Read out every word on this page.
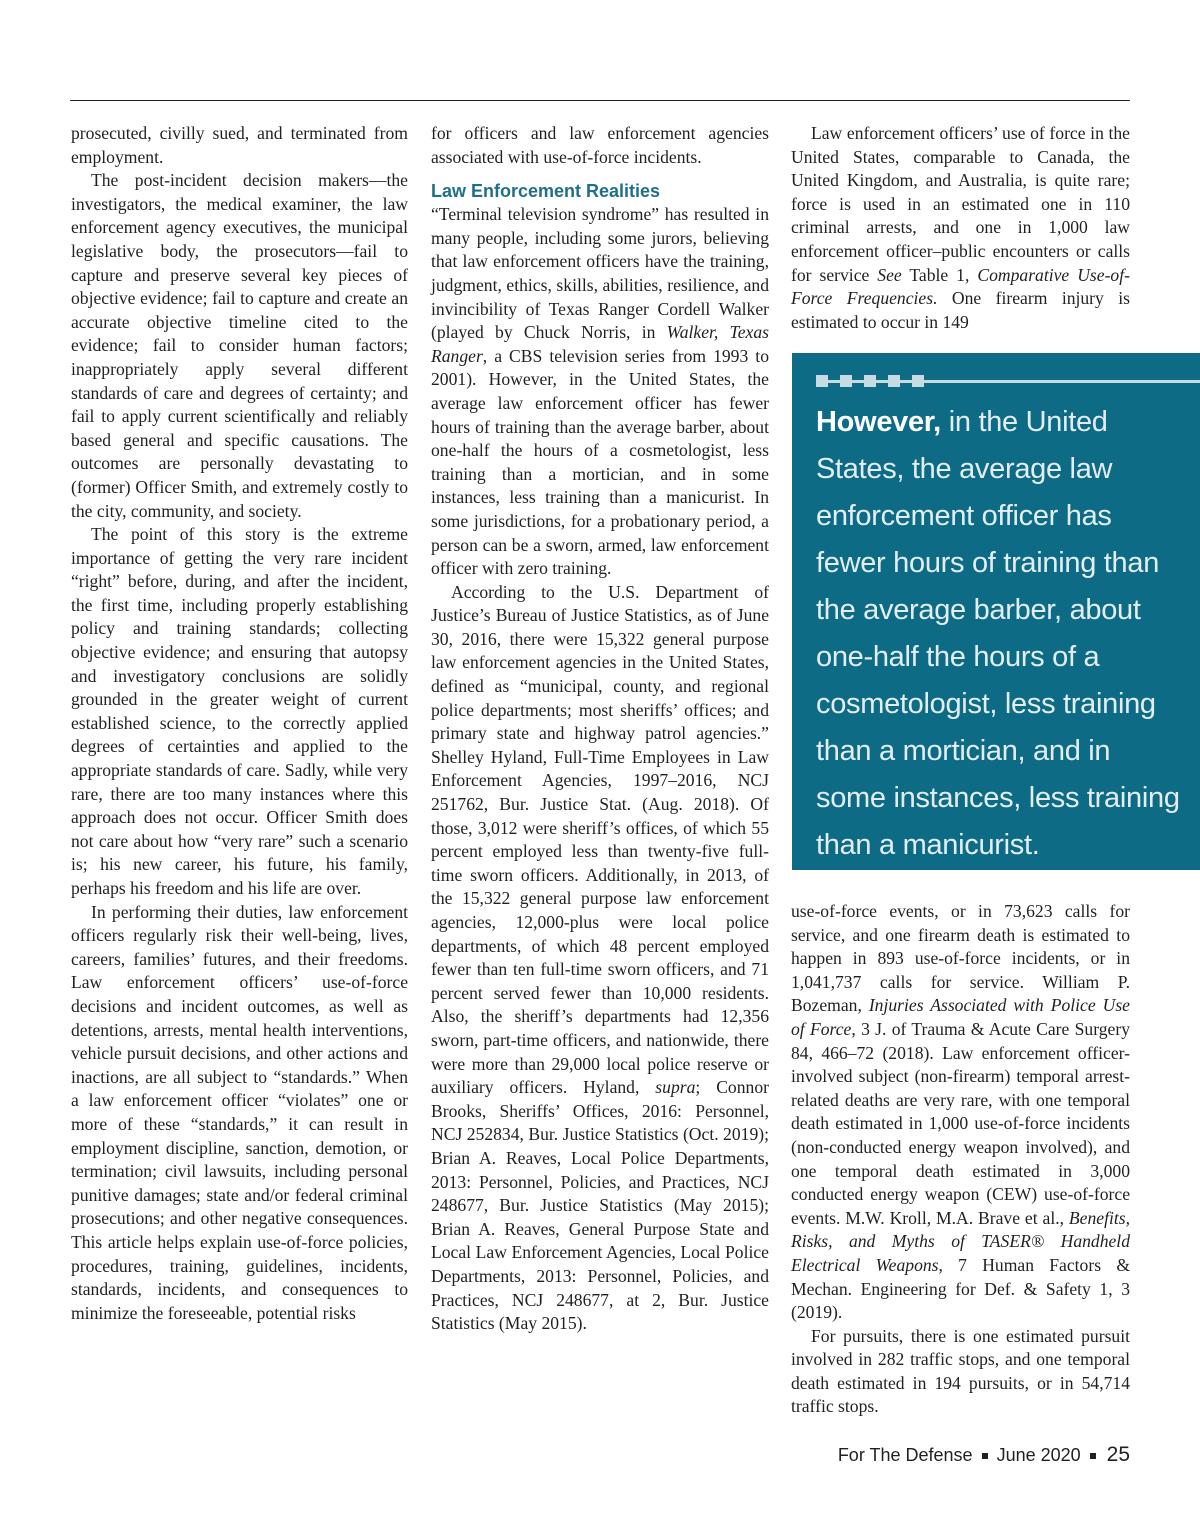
prosecuted, civilly sued, and terminated from employment.

The post-incident decision makers—the investigators, the medical examiner, the law enforcement agency executives, the municipal legislative body, the prosecutors—fail to capture and preserve several key pieces of objective evidence; fail to capture and create an accurate objective timeline cited to the evidence; fail to consider human factors; inappropriately apply several different standards of care and degrees of certainty; and fail to apply current scientifically and reliably based general and specific causations. The outcomes are personally devastating to (former) Officer Smith, and extremely costly to the city, community, and society.

The point of this story is the extreme importance of getting the very rare incident “right” before, during, and after the incident, the first time, including properly establishing policy and training standards; collecting objective evidence; and ensuring that autopsy and investigatory conclusions are solidly grounded in the greater weight of current established science, to the correctly applied degrees of certainties and applied to the appropriate standards of care. Sadly, while very rare, there are too many instances where this approach does not occur. Officer Smith does not care about how “very rare” such a scenario is; his new career, his future, his family, perhaps his freedom and his life are over.

In performing their duties, law enforcement officers regularly risk their well-being, lives, careers, families’ futures, and their freedoms. Law enforcement officers’ use-of-force decisions and incident outcomes, as well as detentions, arrests, mental health interventions, vehicle pursuit decisions, and other actions and inactions, are all subject to “standards.” When a law enforcement officer “violates” one or more of these “standards,” it can result in employment discipline, sanction, demotion, or termination; civil lawsuits, including personal punitive damages; state and/or federal criminal prosecutions; and other negative consequences. This article helps explain use-of-force policies, procedures, training, guidelines, incidents, standards, incidents, and consequences to minimize the foreseeable, potential risks

for officers and law enforcement agencies associated with use-of-force incidents.

Law Enforcement Realities

“Terminal television syndrome” has resulted in many people, including some jurors, believing that law enforcement officers have the training, judgment, ethics, skills, abilities, resilience, and invincibility of Texas Ranger Cordell Walker (played by Chuck Norris, in Walker, Texas Ranger, a CBS television series from 1993 to 2001). However, in the United States, the average law enforcement officer has fewer hours of training than the average barber, about one-half the hours of a cosmetologist, less training than a mortician, and in some instances, less training than a manicurist. In some jurisdictions, for a probationary period, a person can be a sworn, armed, law enforcement officer with zero training.

According to the U.S. Department of Justice’s Bureau of Justice Statistics, as of June 30, 2016, there were 15,322 general purpose law enforcement agencies in the United States, defined as “municipal, county, and regional police departments; most sheriffs’ offices; and primary state and highway patrol agencies.” Shelley Hyland, Full-Time Employees in Law Enforcement Agencies, 1997–2016, NCJ 251762, Bur. Justice Stat. (Aug. 2018). Of those, 3,012 were sheriff’s offices, of which 55 percent employed less than twenty-five full-time sworn officers. Additionally, in 2013, of the 15,322 general purpose law enforcement agencies, 12,000-plus were local police departments, of which 48 percent employed fewer than ten full-time sworn officers, and 71 percent served fewer than 10,000 residents. Also, the sheriff’s departments had 12,356 sworn, part-time officers, and nationwide, there were more than 29,000 local police reserve or auxiliary officers. Hyland, supra; Connor Brooks, Sheriffs’ Offices, 2016: Personnel, NCJ 252834, Bur. Justice Statistics (Oct. 2019); Brian A. Reaves, Local Police Departments, 2013: Personnel, Policies, and Practices, NCJ 248677, Bur. Justice Statistics (May 2015); Brian A. Reaves, General Purpose State and Local Law Enforcement Agencies, Local Police Departments, 2013: Personnel, Policies, and Practices, NCJ 248677, at 2, Bur. Justice Statistics (May 2015).

Law enforcement officers’ use of force in the United States, comparable to Canada, the United Kingdom, and Australia, is quite rare; force is used in an estimated one in 110 criminal arrests, and one in 1,000 law enforcement officer–public encounters or calls for service See Table 1, Comparative Use-of-Force Frequencies. One firearm injury is estimated to occur in 149

However, in the United States, the average law enforcement officer has fewer hours of training than the average barber, about one-half the hours of a cosmetologist, less training than a mortician, and in some instances, less training than a manicurist.

use-of-force events, or in 73,623 calls for service, and one firearm death is estimated to happen in 893 use-of-force incidents, or in 1,041,737 calls for service. William P. Bozeman, Injuries Associated with Police Use of Force, 3 J. of Trauma & Acute Care Surgery 84, 466–72 (2018). Law enforcement officer-involved subject (non-firearm) temporal arrest-related deaths are very rare, with one temporal death estimated in 1,000 use-of-force incidents (non-conducted energy weapon involved), and one temporal death estimated in 3,000 conducted energy weapon (CEW) use-of-force events. M.W. Kroll, M.A. Brave et al., Benefits, Risks, and Myths of TASER® Handheld Electrical Weapons, 7 Human Factors & Mechan. Engineering for Def. & Safety 1, 3 (2019).

For pursuits, there is one estimated pursuit involved in 282 traffic stops, and one temporal death estimated in 194 pursuits, or in 54,714 traffic stops.

For The Defense June 2020 25
